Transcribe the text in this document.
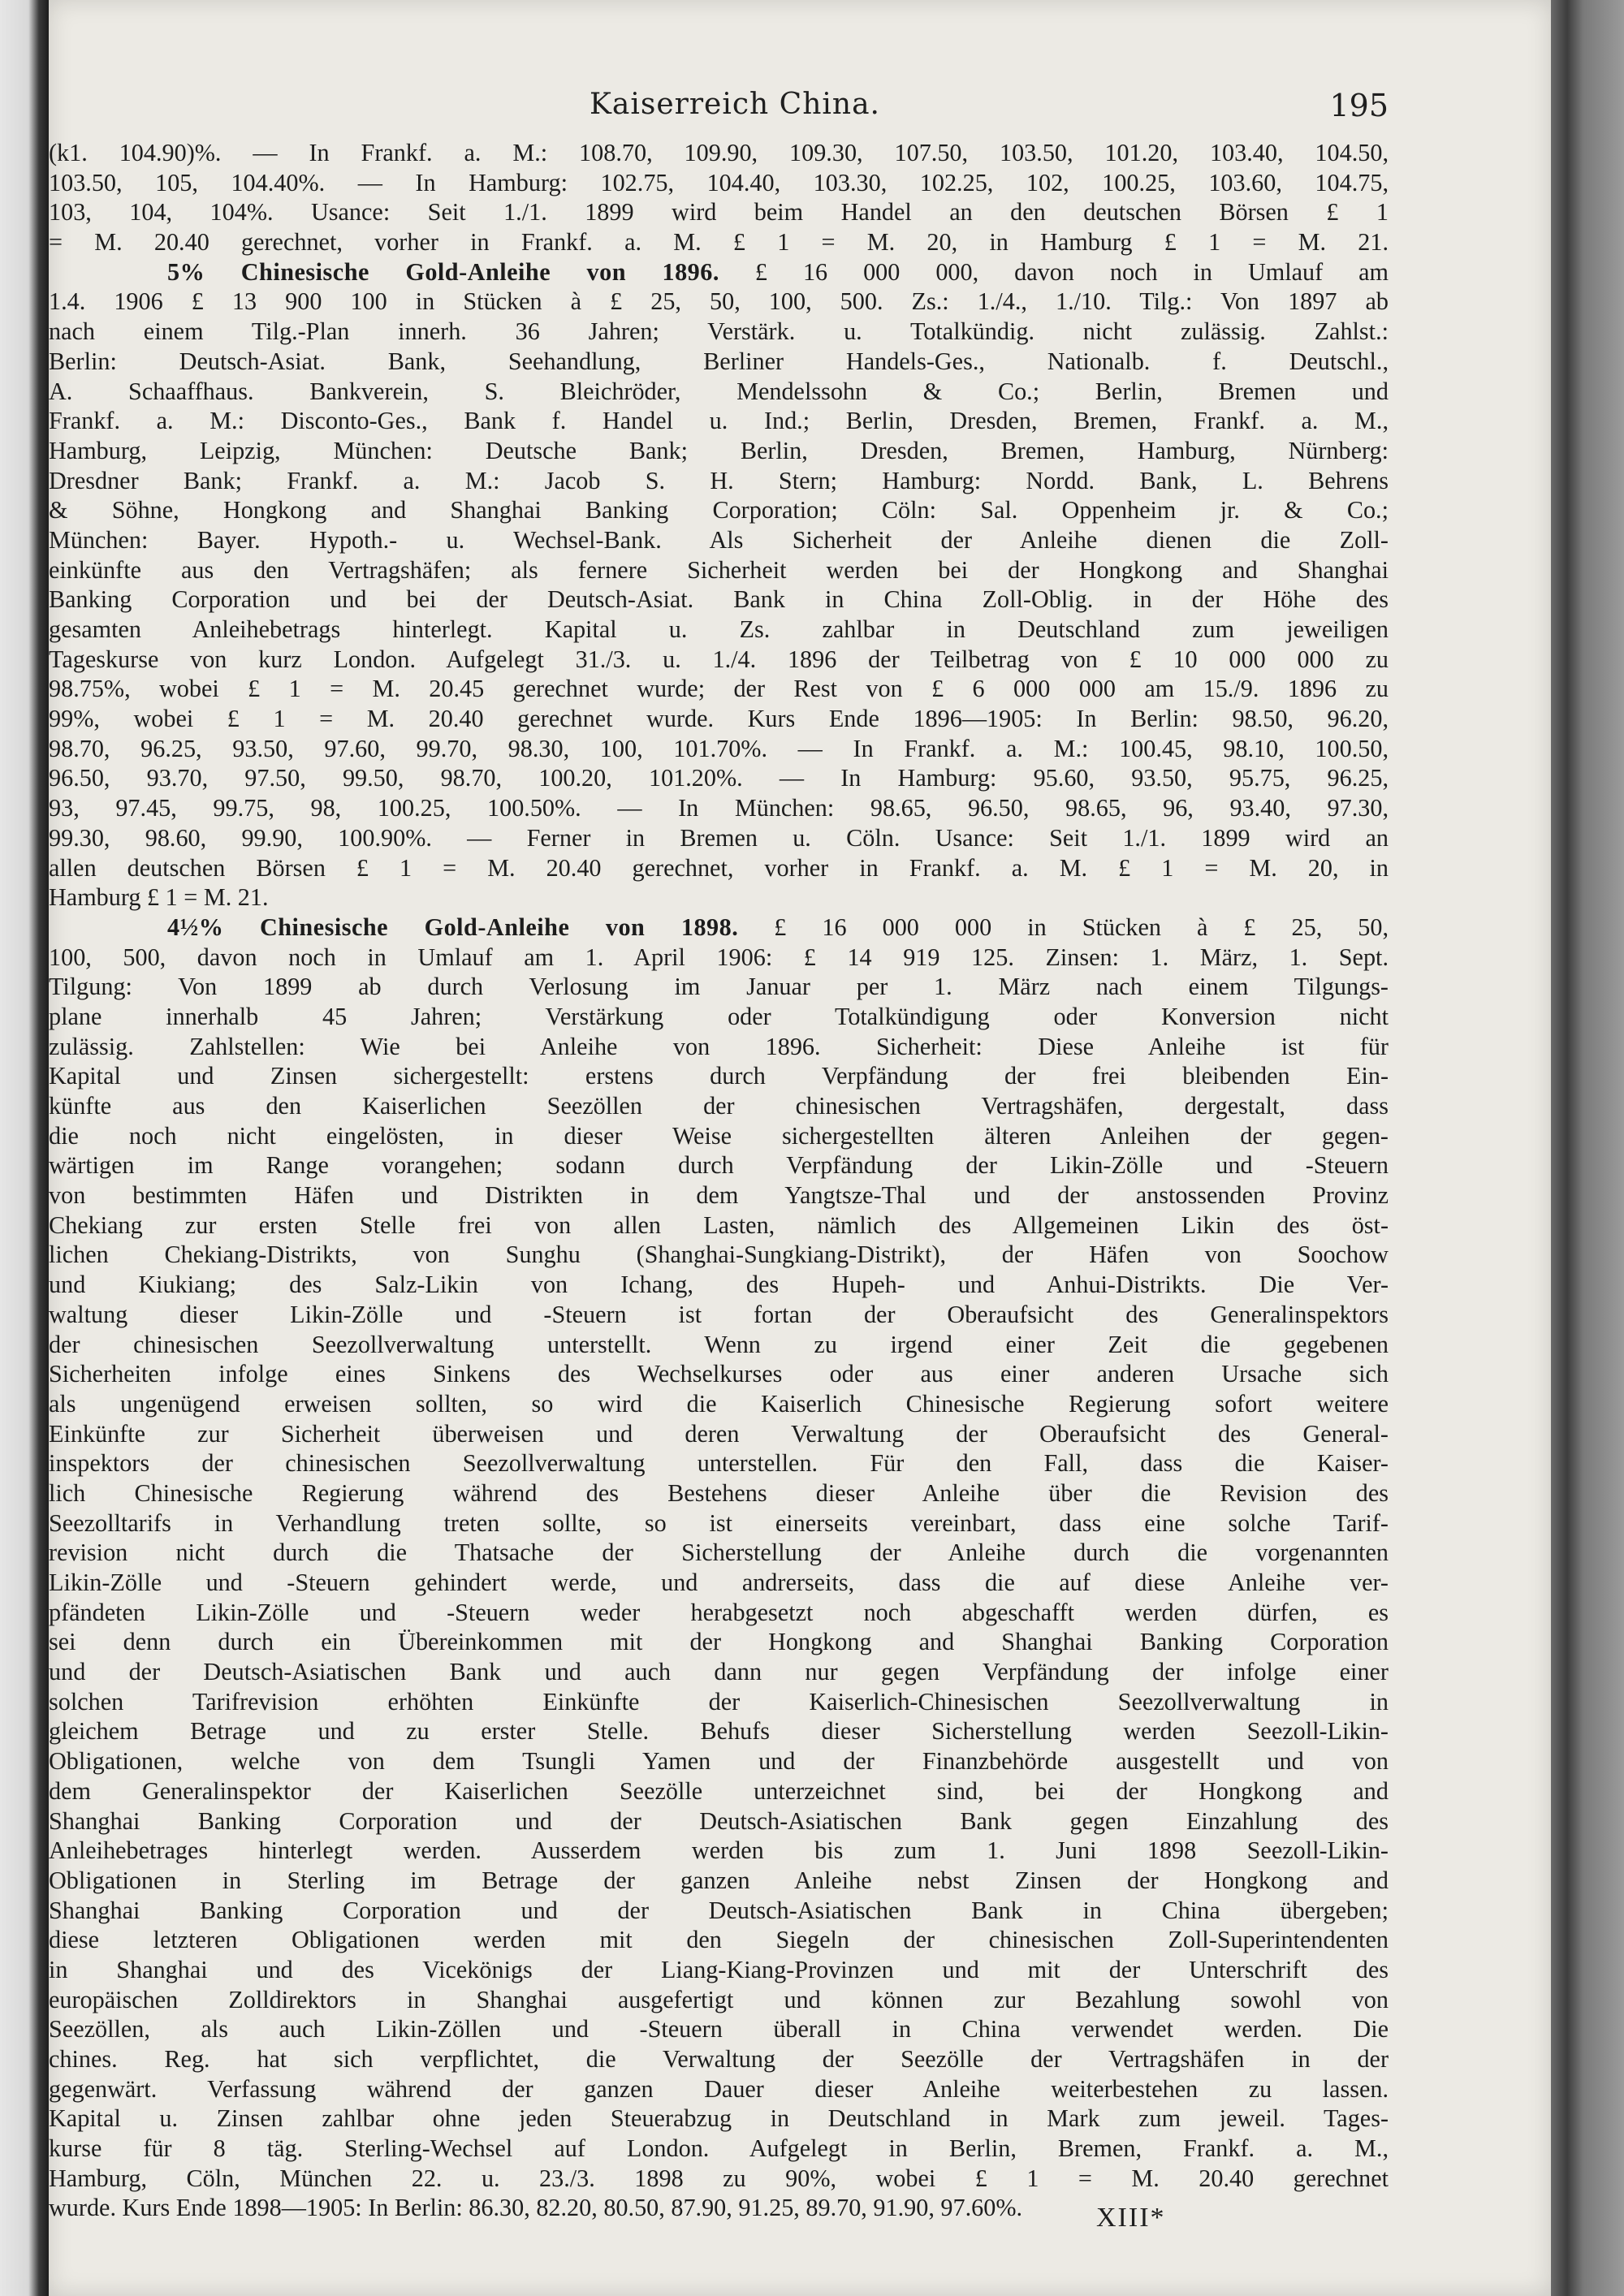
Kaiserreich China.	195
(k1. 104.90)%. — In Frankf. a. M.: 108.70, 109.90, 109.30, 107.50, 103.50, 101.20, 103.40, 104.50,
103.50, 105, 104.40%. — In Hamburg: 102.75, 104.40, 103.30, 102.25, 102, 100.25, 103.60, 104.75,
103, 104, 104%. Usance: Seit 1./1. 1899 wird beim Handel an den deutschen Börsen £ 1
= M. 20.40 gerechnet, vorher in Frankf. a. M. £ 1 = M. 20, in Hamburg £ 1 = M. 21.
5% Chinesische Gold-Anleihe von 1896. £ 16 000 000, davon noch in Umlauf am
1.4. 1906 £ 13 900 100 in Stücken à £ 25, 50, 100, 500. Zs.: 1./4., 1./10. Tilg.: Von 1897 ab
nach einem Tilg.-Plan innerh. 36 Jahren; Verstärk. u. Totalkündig. nicht zulässig. Zahlst.:
Berlin: Deutsch-Asiat. Bank, Seehandlung, Berliner Handels-Ges., Nationalb. f. Deutschl.,
A. Schaaffhaus. Bankverein, S. Bleichröder, Mendelssohn & Co.; Berlin, Bremen und
Frankf. a. M.: Disconto-Ges., Bank f. Handel u. Ind.; Berlin, Dresden, Bremen, Frankf. a. M.,
Hamburg, Leipzig, München: Deutsche Bank; Berlin, Dresden, Bremen, Hamburg, Nürnberg:
Dresdner Bank; Frankf. a. M.: Jacob S. H. Stern; Hamburg: Nordd. Bank, L. Behrens
& Söhne, Hongkong and Shanghai Banking Corporation; Cöln: Sal. Oppenheim jr. & Co.;
München: Bayer. Hypoth.- u. Wechsel-Bank. Als Sicherheit der Anleihe dienen die Zoll-
einkünfte aus den Vertragshäfen; als fernere Sicherheit werden bei der Hongkong and Shanghai
Banking Corporation und bei der Deutsch-Asiat. Bank in China Zoll-Oblig. in der Höhe des
gesamten Anleihebetrags hinterlegt. Kapital u. Zs. zahlbar in Deutschland zum jeweiligen
Tageskurse von kurz London. Aufgelegt 31./3. u. 1./4. 1896 der Teilbetrag von £ 10 000 000 zu
98.75%, wobei £ 1 = M. 20.45 gerechnet wurde; der Rest von £ 6 000 000 am 15./9. 1896 zu
99%, wobei £ 1 = M. 20.40 gerechnet wurde. Kurs Ende 1896—1905: In Berlin: 98.50, 96.20,
98.70, 96.25, 93.50, 97.60, 99.70, 98.30, 100, 101.70%. — In Frankf. a. M.: 100.45, 98.10, 100.50,
96.50, 93.70, 97.50, 99.50, 98.70, 100.20, 101.20%. — In Hamburg: 95.60, 93.50, 95.75, 96.25,
93, 97.45, 99.75, 98, 100.25, 100.50%. — In München: 98.65, 96.50, 98.65, 96, 93.40, 97.30,
99.30, 98.60, 99.90, 100.90%. — Ferner in Bremen u. Cöln. Usance: Seit 1./1. 1899 wird an
allen deutschen Börsen £ 1 = M. 20.40 gerechnet, vorher in Frankf. a. M. £ 1 = M. 20, in
Hamburg £ 1 = M. 21.
4½% Chinesische Gold-Anleihe von 1898. £ 16 000 000 in Stücken à £ 25, 50,
100, 500, davon noch in Umlauf am 1. April 1906: £ 14 919 125. Zinsen: 1. März, 1. Sept.
Tilgung: Von 1899 ab durch Verlosung im Januar per 1. März nach einem Tilgungs-
plane innerhalb 45 Jahren; Verstärkung oder Totalkündigung oder Konversion nicht
zulässig. Zahlstellen: Wie bei Anleihe von 1896. Sicherheit: Diese Anleihe ist für
Kapital und Zinsen sichergestellt: erstens durch Verpfändung der frei bleibenden Ein-
künfte aus den Kaiserlichen Seezöllen der chinesischen Vertragshäfen, dergestalt, dass
die noch nicht eingelösten, in dieser Weise sichergestellten älteren Anleihen der gegen-
wärtigen im Range vorangehen; sodann durch Verpfändung der Likin-Zölle und -Steuern
von bestimmten Häfen und Distrikten in dem Yangtsze-Thal und der anstossenden Provinz
Chekiang zur ersten Stelle frei von allen Lasten, nämlich des Allgemeinen Likin des öst-
lichen Chekiang-Distrikts, von Sunghu (Shanghai-Sungkiang-Distrikt), der Häfen von Soochow
und Kiukiang; des Salz-Likin von Ichang, des Hupeh- und Anhui-Distrikts. Die Ver-
waltung dieser Likin-Zölle und -Steuern ist fortan der Oberaufsicht des Generalinspektors
der chinesischen Seezollverwaltung unterstellt. Wenn zu irgend einer Zeit die gegebenen
Sicherheiten infolge eines Sinkens des Wechselkurses oder aus einer anderen Ursache sich
als ungenügend erweisen sollten, so wird die Kaiserlich Chinesische Regierung sofort weitere
Einkünfte zur Sicherheit überweisen und deren Verwaltung der Oberaufsicht des General-
inspektors der chinesischen Seezollverwaltung unterstellen. Für den Fall, dass die Kaiser-
lich Chinesische Regierung während des Bestehens dieser Anleihe über die Revision des
Seezolltarifs in Verhandlung treten sollte, so ist einerseits vereinbart, dass eine solche Tarif-
revision nicht durch die Thatsache der Sicherstellung der Anleihe durch die vorgenannten
Likin-Zölle und -Steuern gehindert werde, und andrerseits, dass die auf diese Anleihe ver-
pfändeten Likin-Zölle und -Steuern weder herabgesetzt noch abgeschafft werden dürfen, es
sei denn durch ein Übereinkommen mit der Hongkong and Shanghai Banking Corporation
und der Deutsch-Asiatischen Bank und auch dann nur gegen Verpfändung der infolge einer
solchen Tarifrevision erhöhten Einkünfte der Kaiserlich-Chinesischen Seezollverwaltung in
gleichem Betrage und zu erster Stelle. Behufs dieser Sicherstellung werden Seezoll-Likin-
Obligationen, welche von dem Tsungli Yamen und der Finanzbehörde ausgestellt und von
dem Generalinspektor der Kaiserlichen Seezölle unterzeichnet sind, bei der Hongkong and
Shanghai Banking Corporation und der Deutsch-Asiatischen Bank gegen Einzahlung des
Anleihebetrages hinterlegt werden. Ausserdem werden bis zum 1. Juni 1898 Seezoll-Likin-
Obligationen in Sterling im Betrage der ganzen Anleihe nebst Zinsen der Hongkong and
Shanghai Banking Corporation und der Deutsch-Asiatischen Bank in China übergeben;
diese letzteren Obligationen werden mit den Siegeln der chinesischen Zoll-Superintendenten
in Shanghai und des Vicekönigs der Liang-Kiang-Provinzen und mit der Unterschrift des
europäischen Zolldirektors in Shanghai ausgefertigt und können zur Bezahlung sowohl von
Seezöllen, als auch Likin-Zöllen und -Steuern überall in China verwendet werden. Die
chines. Reg. hat sich verpflichtet, die Verwaltung der Seezölle der Vertragshäfen in der
gegenwärt. Verfassung während der ganzen Dauer dieser Anleihe weiterbestehen zu lassen.
Kapital u. Zinsen zahlbar ohne jeden Steuerabzug in Deutschland in Mark zum jeweil. Tages-
kurse für 8 täg. Sterling-Wechsel auf London. Aufgelegt in Berlin, Bremen, Frankf. a. M.,
Hamburg, Cöln, München 22. u. 23./3. 1898 zu 90%, wobei £ 1 = M. 20.40 gerechnet
wurde. Kurs Ende 1898—1905: In Berlin: 86.30, 82.20, 80.50, 87.90, 91.25, 89.70, 91.90, 97.60%.	XIII*
